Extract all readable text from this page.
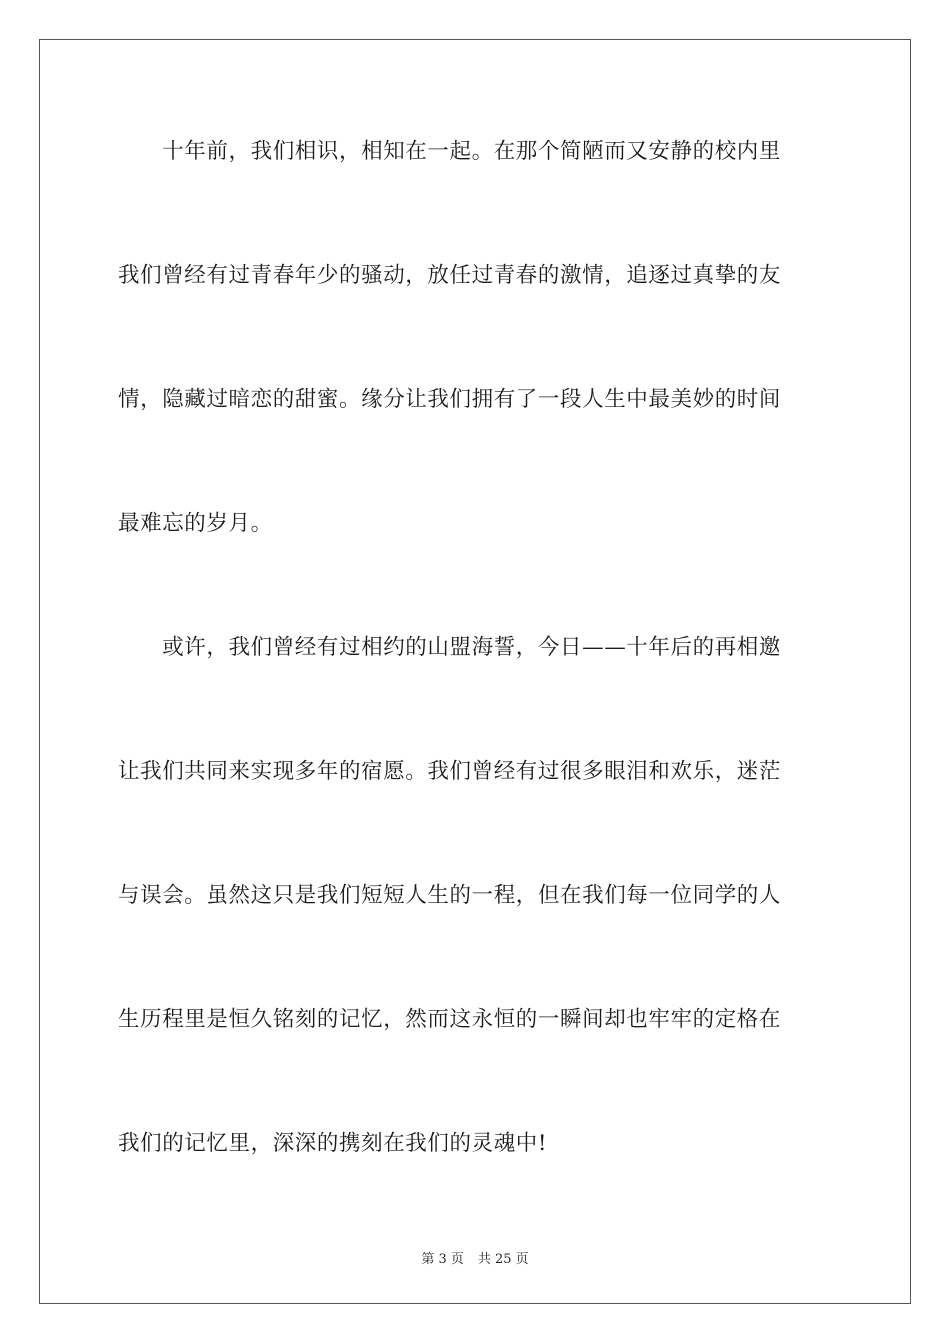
　　十年前，我们相识，相知在一起。在那个简陋而又安静的校内里
我们曾经有过青春年少的骚动，放任过青春的激情，追逐过真挚的友
情，隐藏过暗恋的甜蜜。缘分让我们拥有了一段人生中最美妙的时间
最难忘的岁月。
　　或许，我们曾经有过相约的山盟海誓，今日——十年后的再相邀
让我们共同来实现多年的宿愿。我们曾经有过很多眼泪和欢乐，迷茫
与误会。虽然这只是我们短短人生的一程，但在我们每一位同学的人
生历程里是恒久铭刻的记忆，然而这永恒的一瞬间却也牢牢的定格在
我们的记忆里，深深的携刻在我们的灵魂中!
第 3 页 共 25 页
